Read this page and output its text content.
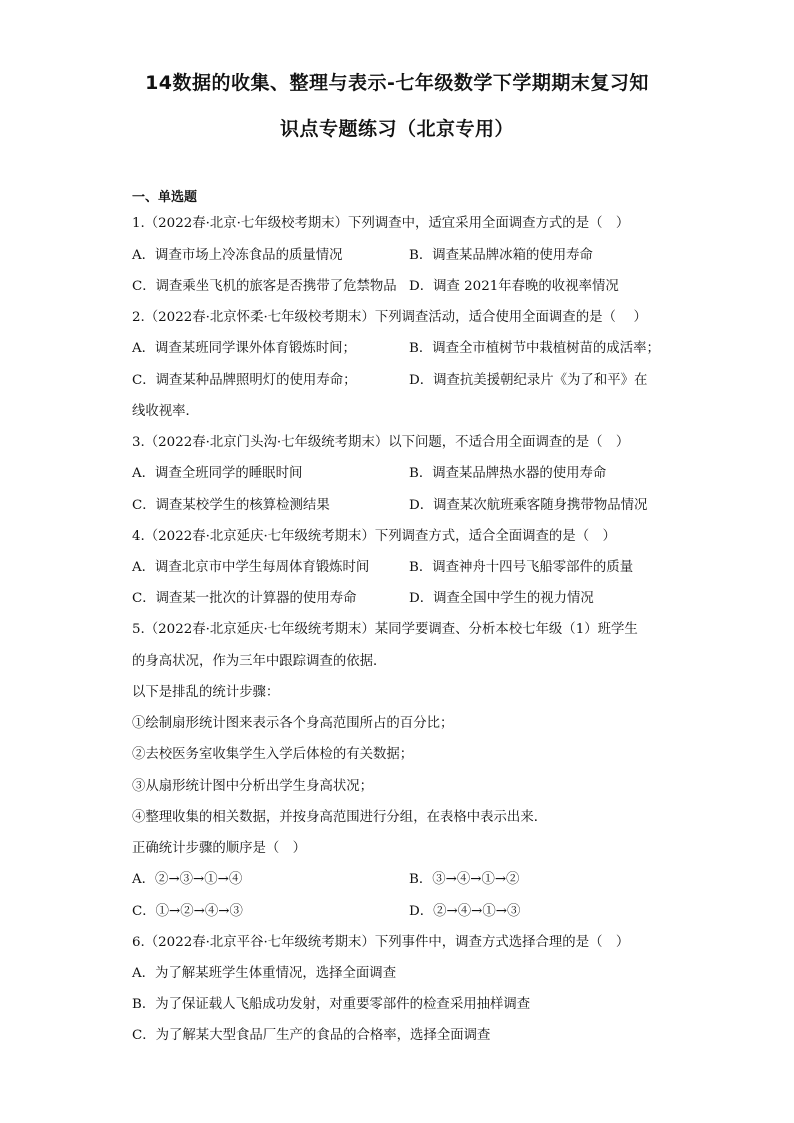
14数据的收集、整理与表示-七年级数学下学期期末复习知
识点专题练习（北京专用）
一、单选题
1.（2022春·北京·七年级校考期末）下列调查中，适宜采用全面调查方式的是（　）
A．调查市场上冷冻食品的质量情况	B．调查某品牌冰箱的使用寿命
C．调查乘坐飞机的旅客是否携带了危禁物品 D．调查 2021年春晚的收视率情况
2.（2022春·北京怀柔·七年级校考期末）下列调查活动，适合使用全面调查的是（　 ）
A．调查某班同学课外体育锻炼时间；	B．调查全市植树节中栽植树苗的成活率；
C．调查某种品牌照明灯的使用寿命；	D．调查抗美援朝纪录片《为了和平》在
线收视率．
3.（2022春·北京门头沟·七年级统考期末）以下问题，不适合用全面调查的是（　）
A．调查全班同学的睡眠时间	B．调查某品牌热水器的使用寿命
C．调查某校学生的核算检测结果	D．调查某次航班乘客随身携带物品情况
4.（2022春·北京延庆·七年级统考期末）下列调查方式，适合全面调查的是（　）
A．调查北京市中学生每周体育锻炼时间	B．调查神舟十四号飞船零部件的质量
C．调查某一批次的计算器的使用寿命	D．调查全国中学生的视力情况
5.（2022春·北京延庆·七年级统考期末）某同学要调查、分析本校七年级（1）班学生
的身高状况，作为三年中跟踪调查的依据．
以下是排乱的统计步骤：
①绘制扇形统计图来表示各个身高范围所占的百分比；
②去校医务室收集学生入学后体检的有关数据；
③从扇形统计图中分析出学生身高状况；
④整理收集的相关数据，并按身高范围进行分组，在表格中表示出来．
正确统计步骤的顺序是（　）
A．②→③→①→④	B．③→④→①→②
C．①→②→④→③	D．②→④→①→③
6.（2022春·北京平谷·七年级统考期末）下列事件中，调查方式选择合理的是（　）
A．为了解某班学生体重情况，选择全面调查
B．为了保证载人飞船成功发射，对重要零部件的检查采用抽样调查
C．为了解某大型食品厂生产的食品的合格率，选择全面调查
